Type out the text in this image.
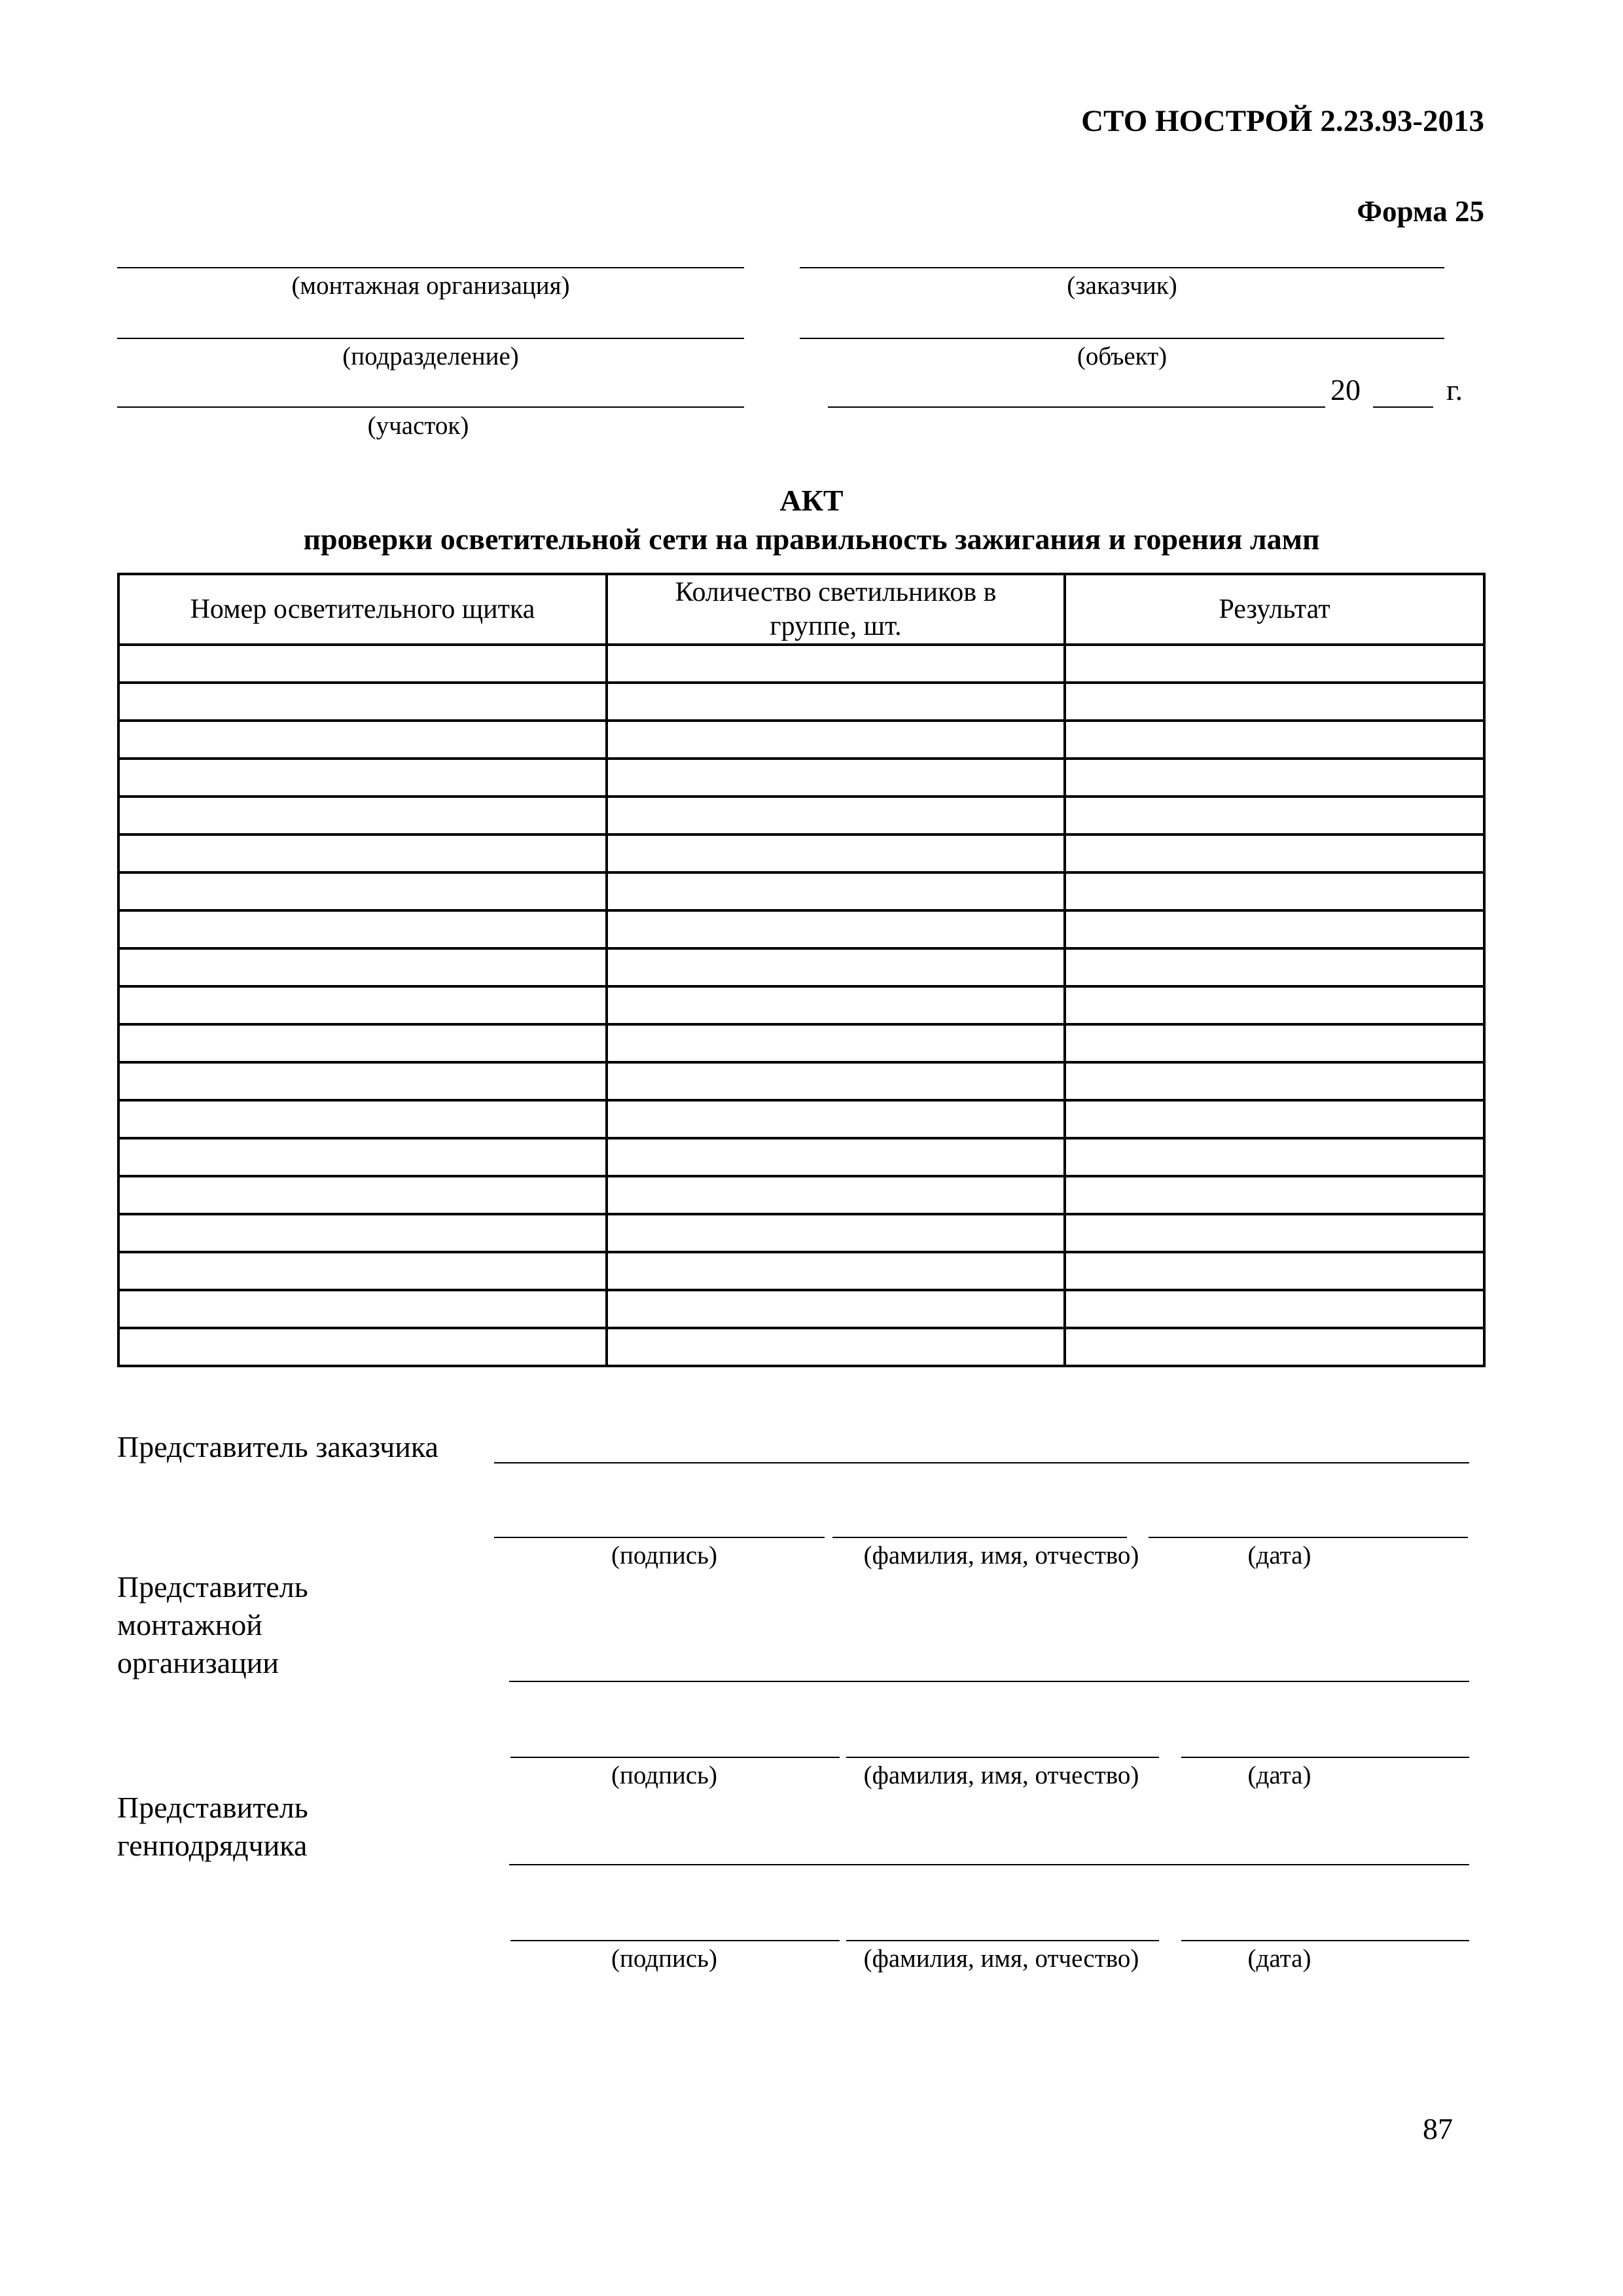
СТО НОСТРОЙ 2.23.93-2013
Форма 25
(монтажная организация)	(заказчик)
(подразделение)	(объект)
(участок)
20	г.
АКТ
проверки осветительной сети на правильность зажигания и горения ламп
Номер осветительного щитка	Количество светильников в группе, шт.	Результат

Представитель заказчика
(подпись)	(фамилия, имя, отчество)	(дата)
Представитель монтажной организации
(подпись)	(фамилия, имя, отчество)	(дата)
Представитель генподрядчика
(подпись)	(фамилия, имя, отчество)	(дата)
87
